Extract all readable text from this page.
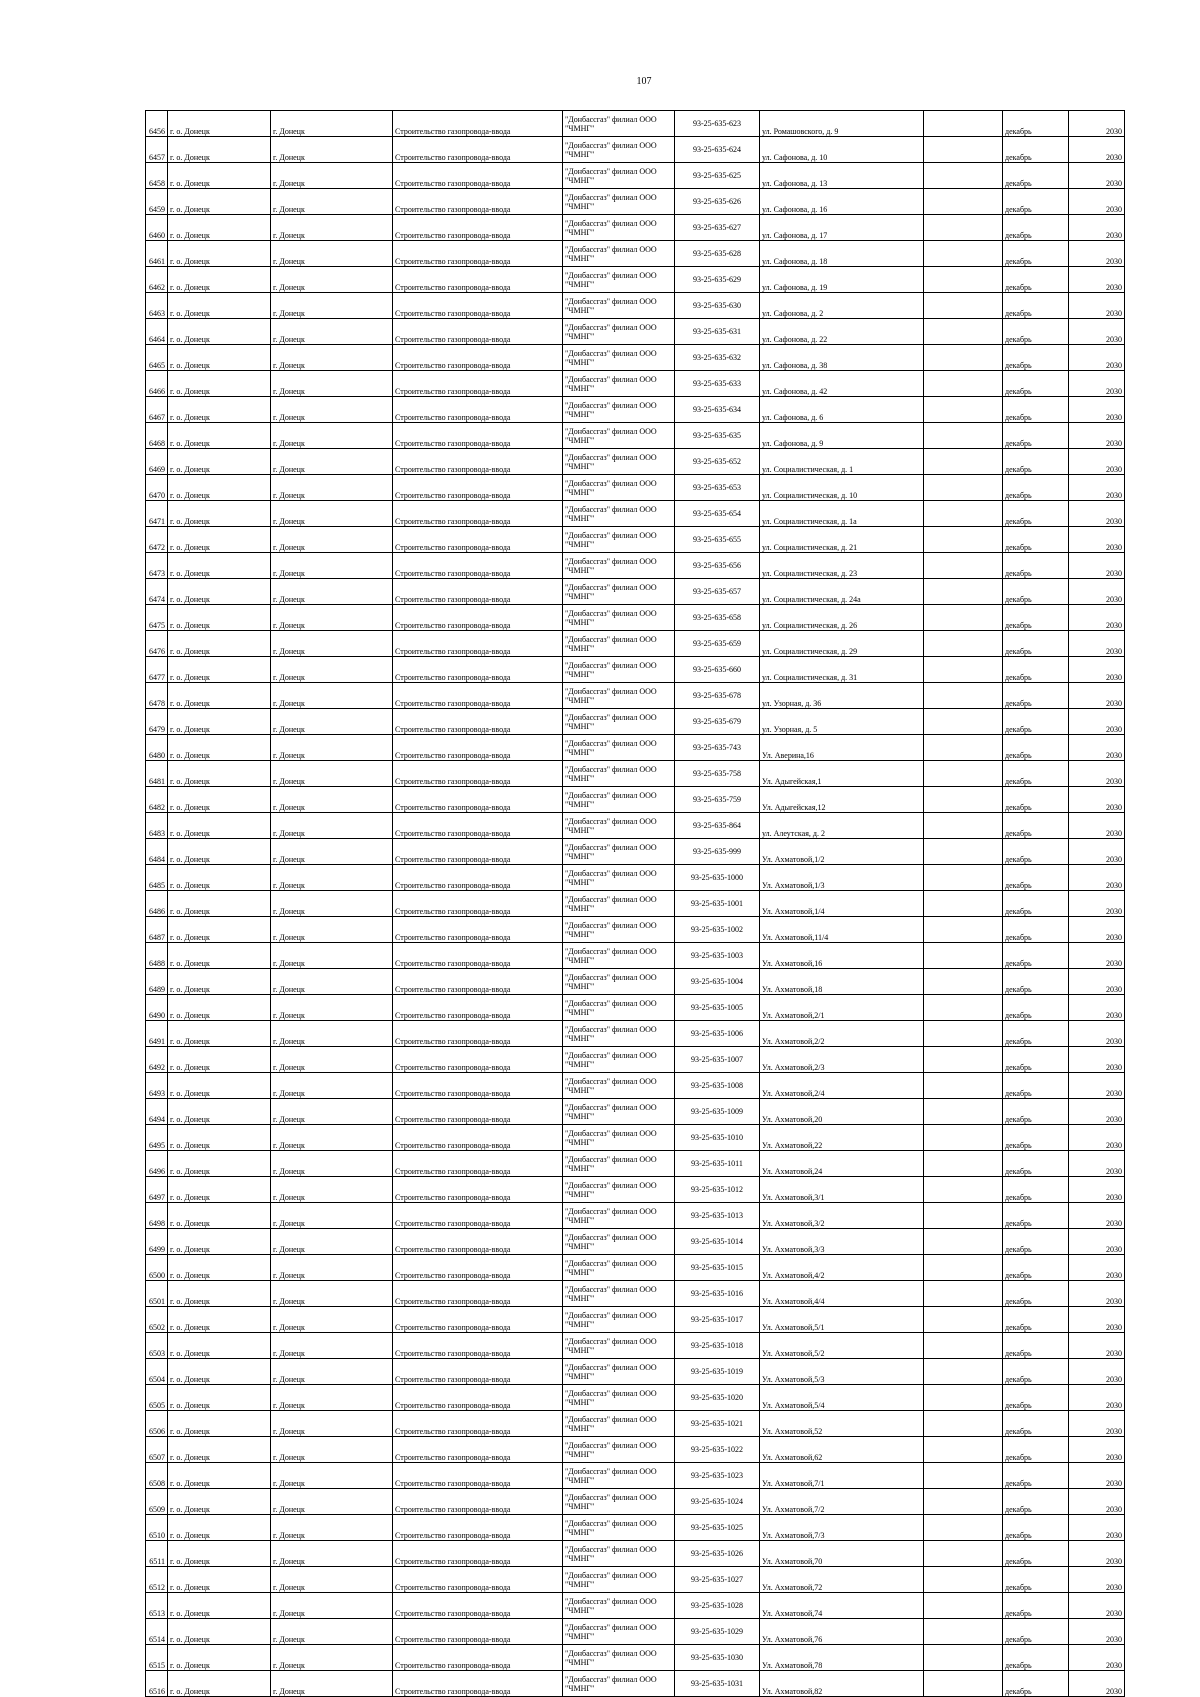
107
6456	г. о. Донецк	г. Донецк	Строительство газопровода-ввода	"Донбассгаз" филиал ООО "ЧМНГ"	93-25-635-623	ул. Ромашовского, д. 9		декабрь	2030
6457	г. о. Донецк	г. Донецк	Строительство газопровода-ввода	"Донбассгаз" филиал ООО "ЧМНГ"	93-25-635-624	ул. Сафонова, д. 10		декабрь	2030
6458	г. о. Донецк	г. Донецк	Строительство газопровода-ввода	"Донбассгаз" филиал ООО "ЧМНГ"	93-25-635-625	ул. Сафонова, д. 13		декабрь	2030
6459	г. о. Донецк	г. Донецк	Строительство газопровода-ввода	"Донбассгаз" филиал ООО "ЧМНГ"	93-25-635-626	ул. Сафонова, д. 16		декабрь	2030
6460	г. о. Донецк	г. Донецк	Строительство газопровода-ввода	"Донбассгаз" филиал ООО "ЧМНГ"	93-25-635-627	ул. Сафонова, д. 17		декабрь	2030
6461	г. о. Донецк	г. Донецк	Строительство газопровода-ввода	"Донбассгаз" филиал ООО "ЧМНГ"	93-25-635-628	ул. Сафонова, д. 18		декабрь	2030
6462	г. о. Донецк	г. Донецк	Строительство газопровода-ввода	"Донбассгаз" филиал ООО "ЧМНГ"	93-25-635-629	ул. Сафонова, д. 19		декабрь	2030
6463	г. о. Донецк	г. Донецк	Строительство газопровода-ввода	"Донбассгаз" филиал ООО "ЧМНГ"	93-25-635-630	ул. Сафонова, д. 2		декабрь	2030
6464	г. о. Донецк	г. Донецк	Строительство газопровода-ввода	"Донбассгаз" филиал ООО "ЧМНГ"	93-25-635-631	ул. Сафонова, д. 22		декабрь	2030
6465	г. о. Донецк	г. Донецк	Строительство газопровода-ввода	"Донбассгаз" филиал ООО "ЧМНГ"	93-25-635-632	ул. Сафонова, д. 38		декабрь	2030
6466	г. о. Донецк	г. Донецк	Строительство газопровода-ввода	"Донбассгаз" филиал ООО "ЧМНГ"	93-25-635-633	ул. Сафонова, д. 42		декабрь	2030
6467	г. о. Донецк	г. Донецк	Строительство газопровода-ввода	"Донбассгаз" филиал ООО "ЧМНГ"	93-25-635-634	ул. Сафонова, д. 6		декабрь	2030
6468	г. о. Донецк	г. Донецк	Строительство газопровода-ввода	"Донбассгаз" филиал ООО "ЧМНГ"	93-25-635-635	ул. Сафонова, д. 9		декабрь	2030
6469	г. о. Донецк	г. Донецк	Строительство газопровода-ввода	"Донбассгаз" филиал ООО "ЧМНГ"	93-25-635-652	ул. Социалистическая, д. 1		декабрь	2030
6470	г. о. Донецк	г. Донецк	Строительство газопровода-ввода	"Донбассгаз" филиал ООО "ЧМНГ"	93-25-635-653	ул. Социалистическая, д. 10		декабрь	2030
6471	г. о. Донецк	г. Донецк	Строительство газопровода-ввода	"Донбассгаз" филиал ООО "ЧМНГ"	93-25-635-654	ул. Социалистическая, д. 1а		декабрь	2030
6472	г. о. Донецк	г. Донецк	Строительство газопровода-ввода	"Донбассгаз" филиал ООО "ЧМНГ"	93-25-635-655	ул. Социалистическая, д. 21		декабрь	2030
6473	г. о. Донецк	г. Донецк	Строительство газопровода-ввода	"Донбассгаз" филиал ООО "ЧМНГ"	93-25-635-656	ул. Социалистическая, д. 23		декабрь	2030
6474	г. о. Донецк	г. Донецк	Строительство газопровода-ввода	"Донбассгаз" филиал ООО "ЧМНГ"	93-25-635-657	ул. Социалистическая, д. 24а		декабрь	2030
6475	г. о. Донецк	г. Донецк	Строительство газопровода-ввода	"Донбассгаз" филиал ООО "ЧМНГ"	93-25-635-658	ул. Социалистическая, д. 26		декабрь	2030
6476	г. о. Донецк	г. Донецк	Строительство газопровода-ввода	"Донбассгаз" филиал ООО "ЧМНГ"	93-25-635-659	ул. Социалистическая, д. 29		декабрь	2030
6477	г. о. Донецк	г. Донецк	Строительство газопровода-ввода	"Донбассгаз" филиал ООО "ЧМНГ"	93-25-635-660	ул. Социалистическая, д. 31		декабрь	2030
6478	г. о. Донецк	г. Донецк	Строительство газопровода-ввода	"Донбассгаз" филиал ООО "ЧМНГ"	93-25-635-678	ул. Узорная, д. 36		декабрь	2030
6479	г. о. Донецк	г. Донецк	Строительство газопровода-ввода	"Донбассгаз" филиал ООО "ЧМНГ"	93-25-635-679	ул. Узорная, д. 5		декабрь	2030
6480	г. о. Донецк	г. Донецк	Строительство газопровода-ввода	"Донбассгаз" филиал ООО "ЧМНГ"	93-25-635-743	Ул. Аверина,16		декабрь	2030
6481	г. о. Донецк	г. Донецк	Строительство газопровода-ввода	"Донбассгаз" филиал ООО "ЧМНГ"	93-25-635-758	Ул. Адыгейская,1		декабрь	2030
6482	г. о. Донецк	г. Донецк	Строительство газопровода-ввода	"Донбассгаз" филиал ООО "ЧМНГ"	93-25-635-759	Ул. Адыгейская,12		декабрь	2030
6483	г. о. Донецк	г. Донецк	Строительство газопровода-ввода	"Донбассгаз" филиал ООО "ЧМНГ"	93-25-635-864	ул. Алеутская, д. 2		декабрь	2030
6484	г. о. Донецк	г. Донецк	Строительство газопровода-ввода	"Донбассгаз" филиал ООО "ЧМНГ"	93-25-635-999	Ул. Ахматовой,1/2		декабрь	2030
6485	г. о. Донецк	г. Донецк	Строительство газопровода-ввода	"Донбассгаз" филиал ООО "ЧМНГ"	93-25-635-1000	Ул. Ахматовой,1/3		декабрь	2030
6486	г. о. Донецк	г. Донецк	Строительство газопровода-ввода	"Донбассгаз" филиал ООО "ЧМНГ"	93-25-635-1001	Ул. Ахматовой,1/4		декабрь	2030
6487	г. о. Донецк	г. Донецк	Строительство газопровода-ввода	"Донбассгаз" филиал ООО "ЧМНГ"	93-25-635-1002	Ул. Ахматовой,11/4		декабрь	2030
6488	г. о. Донецк	г. Донецк	Строительство газопровода-ввода	"Донбассгаз" филиал ООО "ЧМНГ"	93-25-635-1003	Ул. Ахматовой,16		декабрь	2030
6489	г. о. Донецк	г. Донецк	Строительство газопровода-ввода	"Донбассгаз" филиал ООО "ЧМНГ"	93-25-635-1004	Ул. Ахматовой,18		декабрь	2030
6490	г. о. Донецк	г. Донецк	Строительство газопровода-ввода	"Донбассгаз" филиал ООО "ЧМНГ"	93-25-635-1005	Ул. Ахматовой,2/1		декабрь	2030
6491	г. о. Донецк	г. Донецк	Строительство газопровода-ввода	"Донбассгаз" филиал ООО "ЧМНГ"	93-25-635-1006	Ул. Ахматовой,2/2		декабрь	2030
6492	г. о. Донецк	г. Донецк	Строительство газопровода-ввода	"Донбассгаз" филиал ООО "ЧМНГ"	93-25-635-1007	Ул. Ахматовой,2/3		декабрь	2030
6493	г. о. Донецк	г. Донецк	Строительство газопровода-ввода	"Донбассгаз" филиал ООО "ЧМНГ"	93-25-635-1008	Ул. Ахматовой,2/4		декабрь	2030
6494	г. о. Донецк	г. Донецк	Строительство газопровода-ввода	"Донбассгаз" филиал ООО "ЧМНГ"	93-25-635-1009	Ул. Ахматовой,20		декабрь	2030
6495	г. о. Донецк	г. Донецк	Строительство газопровода-ввода	"Донбассгаз" филиал ООО "ЧМНГ"	93-25-635-1010	Ул. Ахматовой,22		декабрь	2030
6496	г. о. Донецк	г. Донецк	Строительство газопровода-ввода	"Донбассгаз" филиал ООО "ЧМНГ"	93-25-635-1011	Ул. Ахматовой,24		декабрь	2030
6497	г. о. Донецк	г. Донецк	Строительство газопровода-ввода	"Донбассгаз" филиал ООО "ЧМНГ"	93-25-635-1012	Ул. Ахматовой,3/1		декабрь	2030
6498	г. о. Донецк	г. Донецк	Строительство газопровода-ввода	"Донбассгаз" филиал ООО "ЧМНГ"	93-25-635-1013	Ул. Ахматовой,3/2		декабрь	2030
6499	г. о. Донецк	г. Донецк	Строительство газопровода-ввода	"Донбассгаз" филиал ООО "ЧМНГ"	93-25-635-1014	Ул. Ахматовой,3/3		декабрь	2030
6500	г. о. Донецк	г. Донецк	Строительство газопровода-ввода	"Донбассгаз" филиал ООО "ЧМНГ"	93-25-635-1015	Ул. Ахматовой,4/2		декабрь	2030
6501	г. о. Донецк	г. Донецк	Строительство газопровода-ввода	"Донбассгаз" филиал ООО "ЧМНГ"	93-25-635-1016	Ул. Ахматовой,4/4		декабрь	2030
6502	г. о. Донецк	г. Донецк	Строительство газопровода-ввода	"Донбассгаз" филиал ООО "ЧМНГ"	93-25-635-1017	Ул. Ахматовой,5/1		декабрь	2030
6503	г. о. Донецк	г. Донецк	Строительство газопровода-ввода	"Донбассгаз" филиал ООО "ЧМНГ"	93-25-635-1018	Ул. Ахматовой,5/2		декабрь	2030
6504	г. о. Донецк	г. Донецк	Строительство газопровода-ввода	"Донбассгаз" филиал ООО "ЧМНГ"	93-25-635-1019	Ул. Ахматовой,5/3		декабрь	2030
6505	г. о. Донецк	г. Донецк	Строительство газопровода-ввода	"Донбассгаз" филиал ООО "ЧМНГ"	93-25-635-1020	Ул. Ахматовой,5/4		декабрь	2030
6506	г. о. Донецк	г. Донецк	Строительство газопровода-ввода	"Донбассгаз" филиал ООО "ЧМНГ"	93-25-635-1021	Ул. Ахматовой,52		декабрь	2030
6507	г. о. Донецк	г. Донецк	Строительство газопровода-ввода	"Донбассгаз" филиал ООО "ЧМНГ"	93-25-635-1022	Ул. Ахматовой,62		декабрь	2030
6508	г. о. Донецк	г. Донецк	Строительство газопровода-ввода	"Донбассгаз" филиал ООО "ЧМНГ"	93-25-635-1023	Ул. Ахматовой,7/1		декабрь	2030
6509	г. о. Донецк	г. Донецк	Строительство газопровода-ввода	"Донбассгаз" филиал ООО "ЧМНГ"	93-25-635-1024	Ул. Ахматовой,7/2		декабрь	2030
6510	г. о. Донецк	г. Донецк	Строительство газопровода-ввода	"Донбассгаз" филиал ООО "ЧМНГ"	93-25-635-1025	Ул. Ахматовой,7/3		декабрь	2030
6511	г. о. Донецк	г. Донецк	Строительство газопровода-ввода	"Донбассгаз" филиал ООО "ЧМНГ"	93-25-635-1026	Ул. Ахматовой,70		декабрь	2030
6512	г. о. Донецк	г. Донецк	Строительство газопровода-ввода	"Донбассгаз" филиал ООО "ЧМНГ"	93-25-635-1027	Ул. Ахматовой,72		декабрь	2030
6513	г. о. Донецк	г. Донецк	Строительство газопровода-ввода	"Донбассгаз" филиал ООО "ЧМНГ"	93-25-635-1028	Ул. Ахматовой,74		декабрь	2030
6514	г. о. Донецк	г. Донецк	Строительство газопровода-ввода	"Донбассгаз" филиал ООО "ЧМНГ"	93-25-635-1029	Ул. Ахматовой,76		декабрь	2030
6515	г. о. Донецк	г. Донецк	Строительство газопровода-ввода	"Донбассгаз" филиал ООО "ЧМНГ"	93-25-635-1030	Ул. Ахматовой,78		декабрь	2030
6516	г. о. Донецк	г. Донецк	Строительство газопровода-ввода	"Донбассгаз" филиал ООО "ЧМНГ"	93-25-635-1031	Ул. Ахматовой,82		декабрь	2030
